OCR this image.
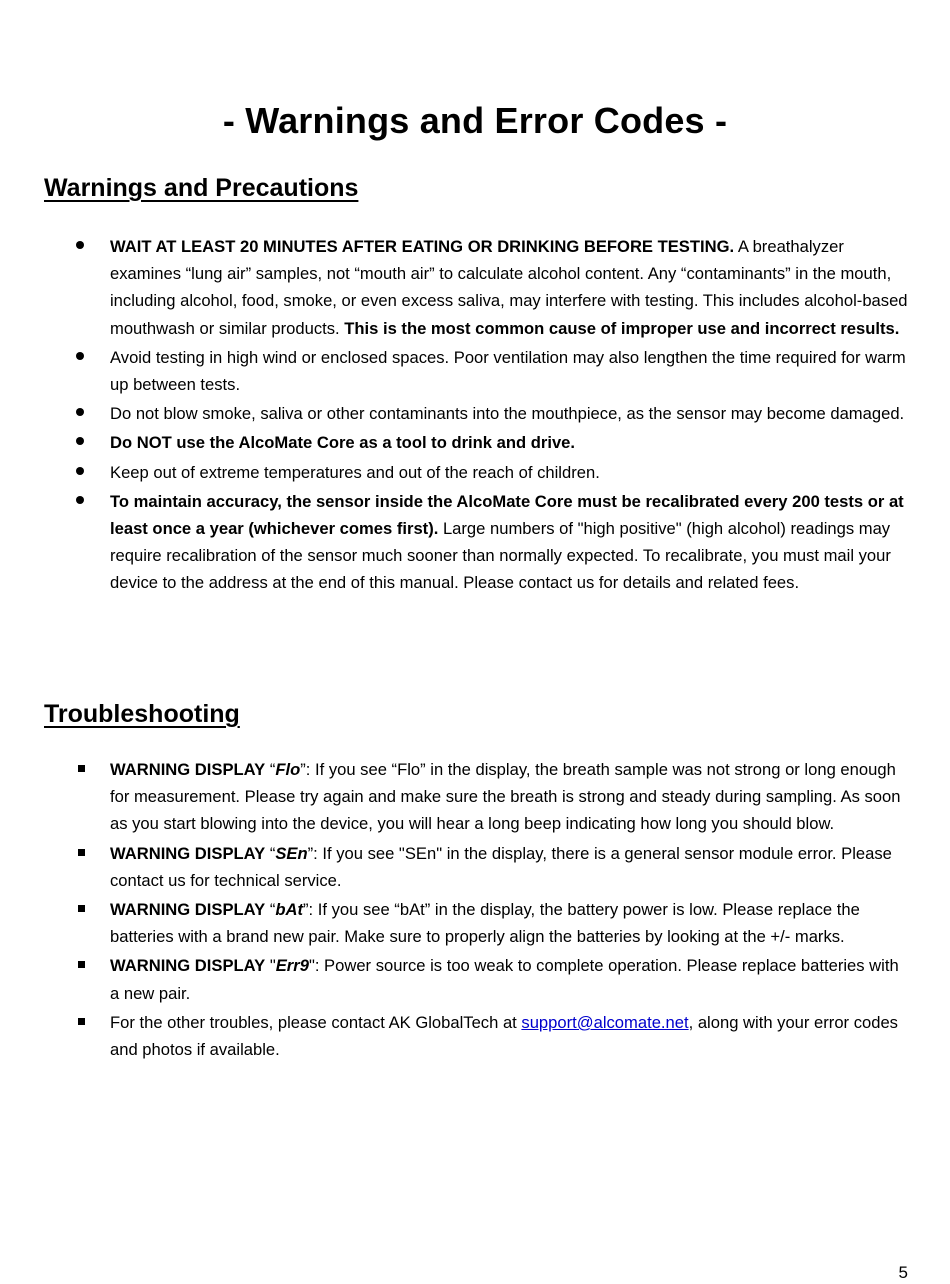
- Warnings and Error Codes -
Warnings and Precautions
WAIT AT LEAST 20 MINUTES AFTER EATING OR DRINKING BEFORE TESTING. A breathalyzer examines “lung air” samples, not “mouth air” to calculate alcohol content. Any “contaminants” in the mouth, including alcohol, food, smoke, or even excess saliva, may interfere with testing. This includes alcohol-based mouthwash or similar products. This is the most common cause of improper use and incorrect results.
Avoid testing in high wind or enclosed spaces. Poor ventilation may also lengthen the time required for warm up between tests.
Do not blow smoke, saliva or other contaminants into the mouthpiece, as the sensor may become damaged.
Do NOT use the AlcoMate Core as a tool to drink and drive.
Keep out of extreme temperatures and out of the reach of children.
To maintain accuracy, the sensor inside the AlcoMate Core must be recalibrated every 200 tests or at least once a year (whichever comes first). Large numbers of "high positive" (high alcohol) readings may require recalibration of the sensor much sooner than normally expected. To recalibrate, you must mail your device to the address at the end of this manual. Please contact us for details and related fees.
Troubleshooting
WARNING DISPLAY “Flo”: If you see “Flo” in the display, the breath sample was not strong or long enough for measurement. Please try again and make sure the breath is strong and steady during sampling. As soon as you start blowing into the device, you will hear a long beep indicating how long you should blow.
WARNING DISPLAY “SEn”: If you see "SEn" in the display, there is a general sensor module error. Please contact us for technical service.
WARNING DISPLAY “bAt”: If you see “bAt” in the display, the battery power is low. Please replace the batteries with a brand new pair. Make sure to properly align the batteries by looking at the +/- marks.
WARNING DISPLAY "Err9": Power source is too weak to complete operation. Please replace batteries with a new pair.
For the other troubles, please contact AK GlobalTech at support@alcomate.net, along with your error codes and photos if available.
5
